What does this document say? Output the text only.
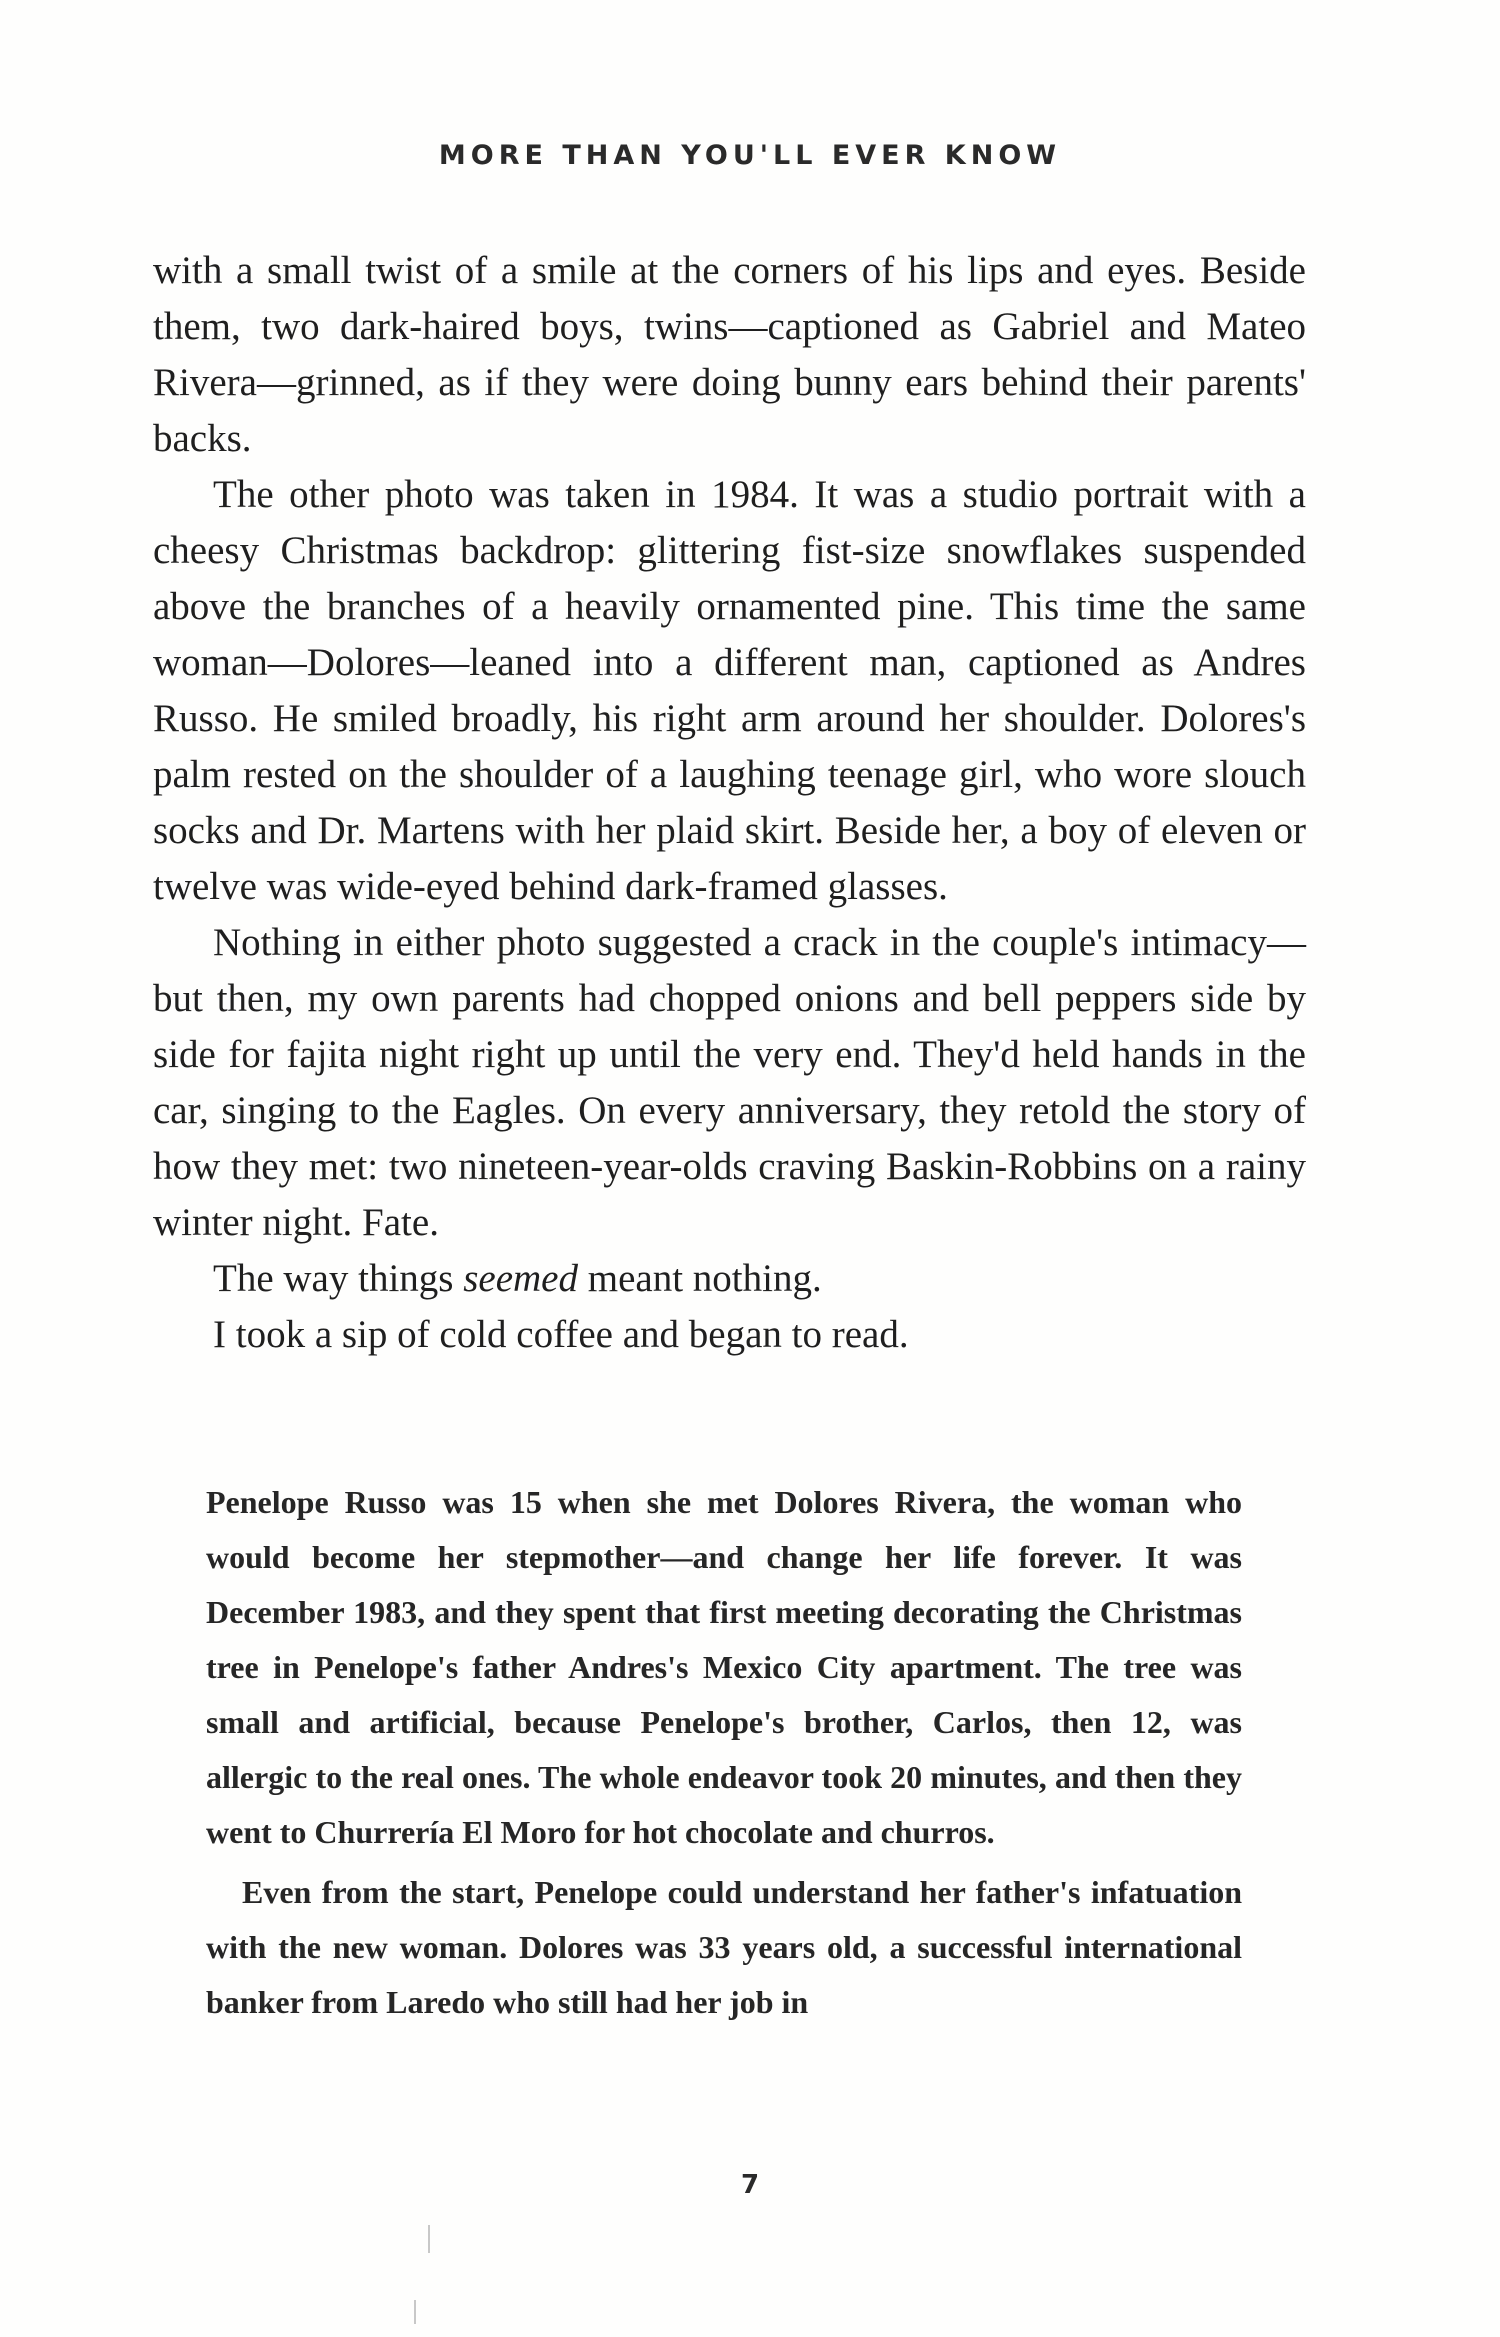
MORE THAN YOU'LL EVER KNOW

with a small twist of a smile at the corners of his lips and eyes. Beside them, two dark-haired boys, twins—captioned as Gabriel and Mateo Rivera—grinned, as if they were doing bunny ears behind their parents' backs.

The other photo was taken in 1984. It was a studio portrait with a cheesy Christmas backdrop: glittering fist-size snowflakes suspended above the branches of a heavily ornamented pine. This time the same woman—Dolores—leaned into a different man, captioned as Andres Russo. He smiled broadly, his right arm around her shoulder. Dolores's palm rested on the shoulder of a laughing teenage girl, who wore slouch socks and Dr. Martens with her plaid skirt. Beside her, a boy of eleven or twelve was wide-eyed behind dark-framed glasses.

Nothing in either photo suggested a crack in the couple's intimacy—but then, my own parents had chopped onions and bell peppers side by side for fajita night right up until the very end. They'd held hands in the car, singing to the Eagles. On every anniversary, they retold the story of how they met: two nineteen-year-olds craving Baskin-Robbins on a rainy winter night. Fate.

The way things seemed meant nothing.

I took a sip of cold coffee and began to read.

Penelope Russo was 15 when she met Dolores Rivera, the woman who would become her stepmother—and change her life forever. It was December 1983, and they spent that first meeting decorating the Christmas tree in Penelope's father Andres's Mexico City apartment. The tree was small and artificial, because Penelope's brother, Carlos, then 12, was allergic to the real ones. The whole endeavor took 20 minutes, and then they went to Churrería El Moro for hot chocolate and churros.

Even from the start, Penelope could understand her father's infatuation with the new woman. Dolores was 33 years old, a successful international banker from Laredo who still had her job in

7
